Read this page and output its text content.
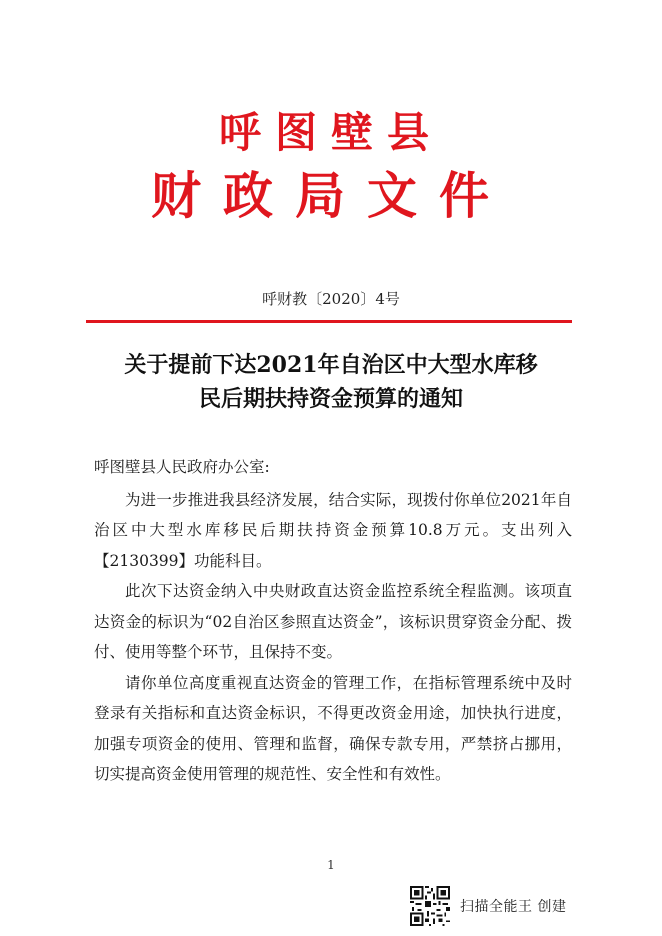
呼图壁县
财政局文件
呼财教〔2020〕4号
关于提前下达2021年自治区中大型水库移
民后期扶持资金预算的通知

呼图壁县人民政府办公室:

为进一步推进我县经济发展，结合实际，现拨付你单位2021年自治区中大型水库移民后期扶持资金预算10.8万元。支出列入【2130399】功能科目。

此次下达资金纳入中央财政直达资金监控系统全程监测。该项直达资金的标识为“02自治区参照直达资金”，该标识贯穿资金分配、拨付、使用等整个环节，且保持不变。

请你单位高度重视直达资金的管理工作，在指标管理系统中及时登录有关指标和直达资金标识，不得更改资金用途，加快执行进度，加强专项资金的使用、管理和监督，确保专款专用，严禁挤占挪用，切实提高资金使用管理的规范性、安全性和有效性。

1
扫描全能王 创建
